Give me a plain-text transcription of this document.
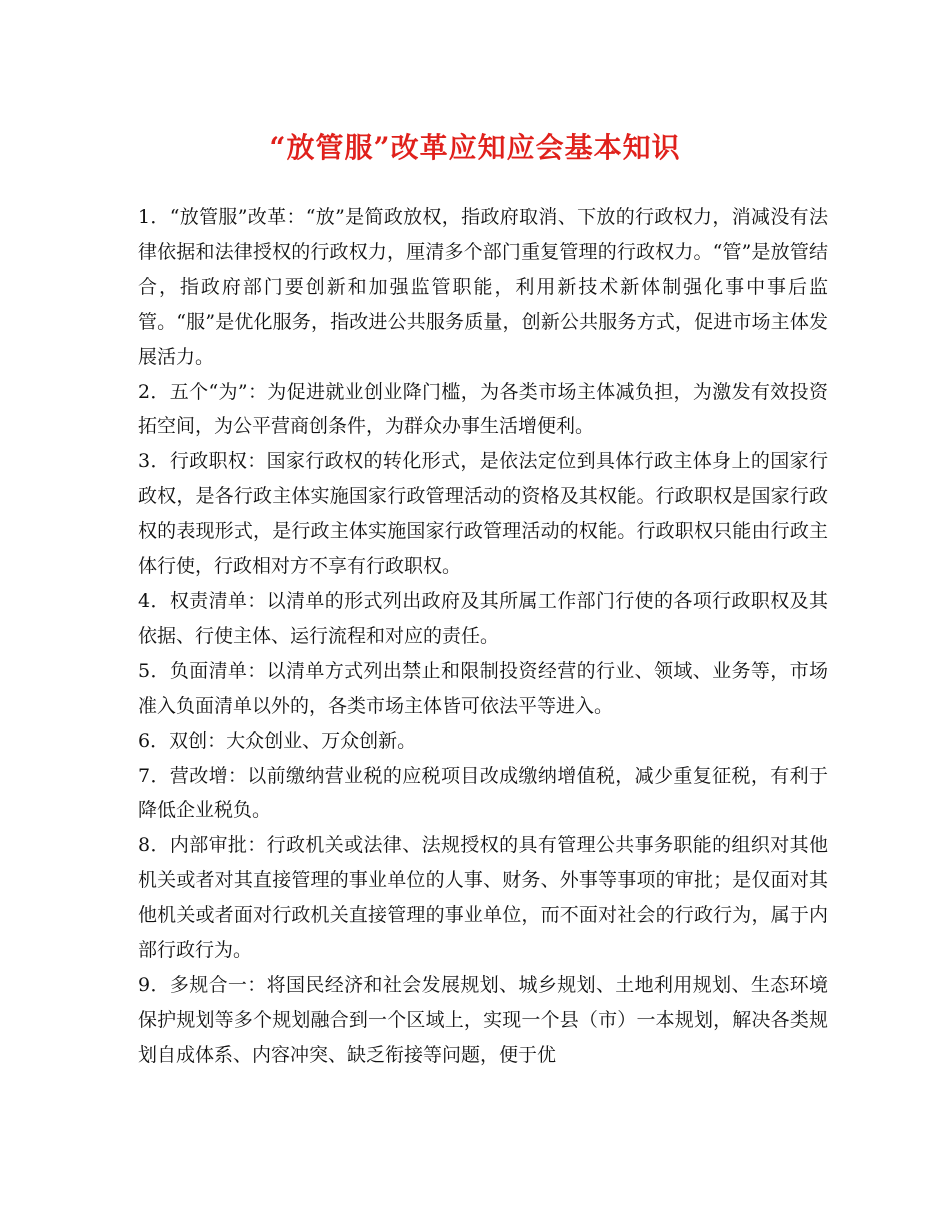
“放管服”改革应知应会基本知识

1．“放管服”改革：“放”是简政放权，指政府取消、下放的行政权力，消减没有法律依据和法律授权的行政权力，厘清多个部门重复管理的行政权力。“管”是放管结合，指政府部门要创新和加强监管职能，利用新技术新体制强化事中事后监管。“服”是优化服务，指改进公共服务质量，创新公共服务方式，促进市场主体发展活力。

2．五个“为”：为促进就业创业降门槛，为各类市场主体减负担，为激发有效投资拓空间，为公平营商创条件，为群众办事生活增便利。

3．行政职权：国家行政权的转化形式，是依法定位到具体行政主体身上的国家行政权，是各行政主体实施国家行政管理活动的资格及其权能。行政职权是国家行政权的表现形式，是行政主体实施国家行政管理活动的权能。行政职权只能由行政主体行使，行政相对方不享有行政职权。

4．权责清单：以清单的形式列出政府及其所属工作部门行使的各项行政职权及其依据、行使主体、运行流程和对应的责任。

5．负面清单：以清单方式列出禁止和限制投资经营的行业、领域、业务等，市场准入负面清单以外的，各类市场主体皆可依法平等进入。

6．双创：大众创业、万众创新。

7．营改增：以前缴纳营业税的应税项目改成缴纳增值税，减少重复征税，有利于降低企业税负。

8．内部审批：行政机关或法律、法规授权的具有管理公共事务职能的组织对其他机关或者对其直接管理的事业单位的人事、财务、外事等事项的审批；是仅面对其他机关或者面对行政机关直接管理的事业单位，而不面对社会的行政行为，属于内部行政行为。

9．多规合一：将国民经济和社会发展规划、城乡规划、土地利用规划、生态环境保护规划等多个规划融合到一个区域上，实现一个县（市）一本规划，解决各类规划自成体系、内容冲突、缺乏衔接等问题，便于优
